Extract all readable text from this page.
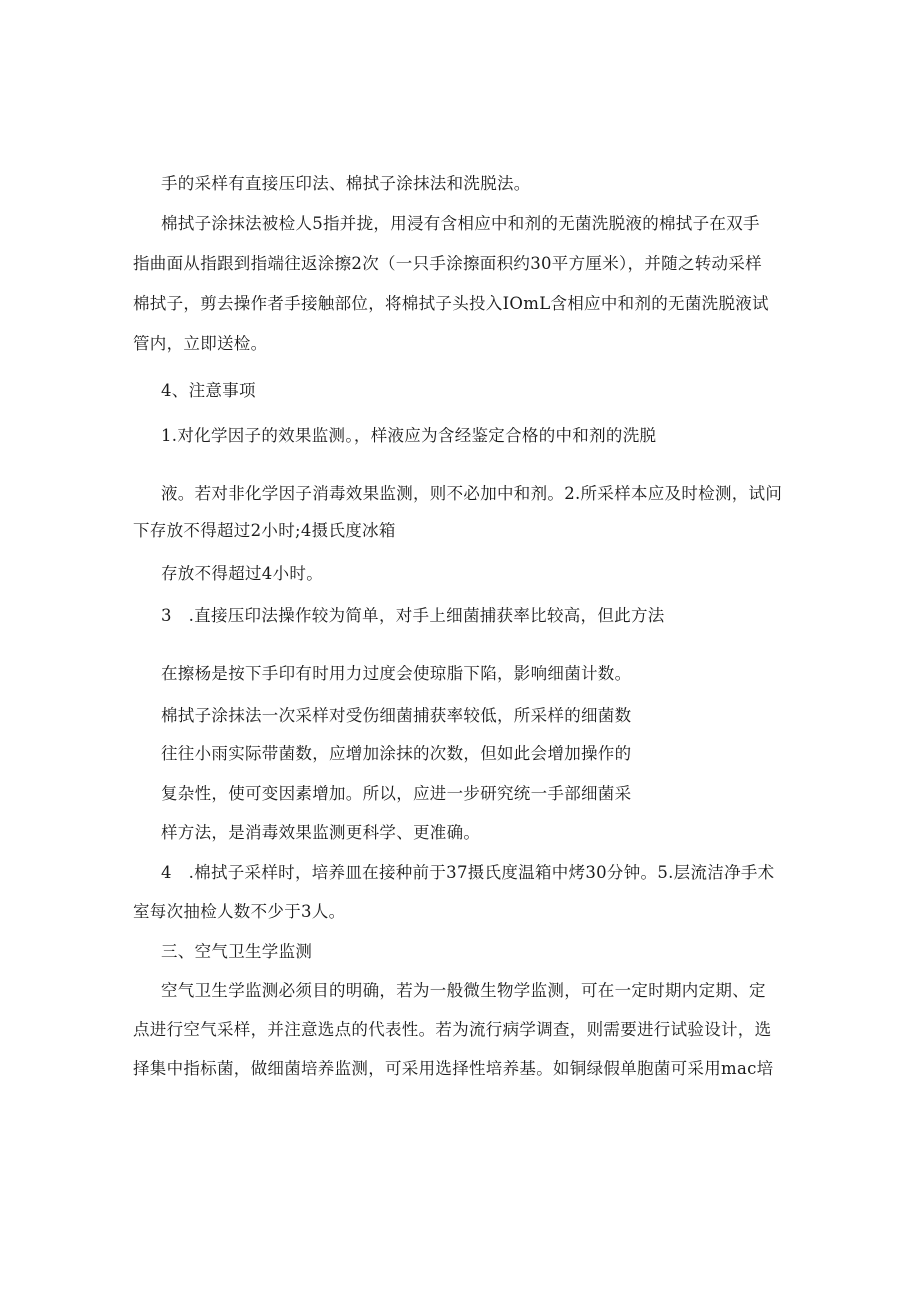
手的采样有直接压印法、棉拭子涂抹法和洗脱法。
棉拭子涂抹法被检人5指并拢，用浸有含相应中和剂的无菌洗脱液的棉拭子在双手
指曲面从指跟到指端往返涂擦2次（一只手涂擦面积约30平方厘米），并随之转动采样
棉拭子，剪去操作者手接触部位，将棉拭子头投入IOmL含相应中和剂的无菌洗脱液试
管内，立即送检。
4、注意事项
1.对化学因子的效果监测。，样液应为含经鉴定合格的中和剂的洗脱
液。若对非化学因子消毒效果监测，则不必加中和剂。2.所采样本应及时检测，试问
下存放不得超过2小时;4摄氏度冰箱
存放不得超过4小时。
3　.直接压印法操作较为简单，对手上细菌捕获率比较高，但此方法
在擦杨是按下手印有时用力过度会使琼脂下陷，影响细菌计数。
棉拭子涂抹法一次采样对受伤细菌捕获率较低，所采样的细菌数
往往小雨实际带菌数，应增加涂抹的次数，但如此会增加操作的
复杂性，使可变因素增加。所以，应进一步研究统一手部细菌采
样方法，是消毒效果监测更科学、更准确。
4　.棉拭子采样时，培养皿在接种前于37摄氏度温箱中烤30分钟。5.层流洁净手术
室每次抽检人数不少于3人。
三、空气卫生学监测
空气卫生学监测必须目的明确，若为一般微生物学监测，可在一定时期内定期、定
点进行空气采样，并注意选点的代表性。若为流行病学调查，则需要进行试验设计，选
择集中指标菌，做细菌培养监测，可采用选择性培养基。如铜绿假单胞菌可采用mac培
